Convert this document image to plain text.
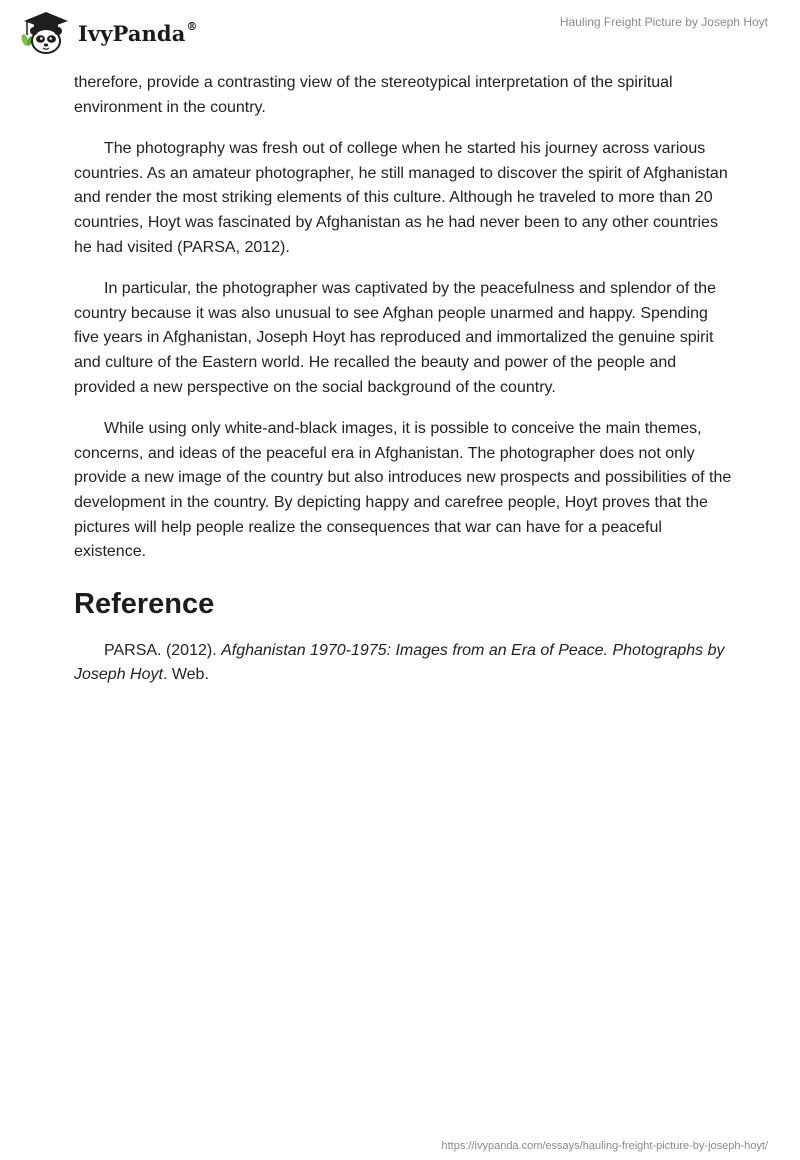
IvyPanda®	Hauling Freight Picture by Joseph Hoyt

therefore, provide a contrasting view of the stereotypical interpretation of the spiritual environment in the country.

The photography was fresh out of college when he started his journey across various countries. As an amateur photographer, he still managed to discover the spirit of Afghanistan and render the most striking elements of this culture. Although he traveled to more than 20 countries, Hoyt was fascinated by Afghanistan as he had never been to any other countries he had visited (PARSA, 2012).

In particular, the photographer was captivated by the peacefulness and splendor of the country because it was also unusual to see Afghan people unarmed and happy. Spending five years in Afghanistan, Joseph Hoyt has reproduced and immortalized the genuine spirit and culture of the Eastern world. He recalled the beauty and power of the people and provided a new perspective on the social background of the country.

While using only white-and-black images, it is possible to conceive the main themes, concerns, and ideas of the peaceful era in Afghanistan. The photographer does not only provide a new image of the country but also introduces new prospects and possibilities of the development in the country. By depicting happy and carefree people, Hoyt proves that the pictures will help people realize the consequences that war can have for a peaceful existence.

Reference

PARSA. (2012). Afghanistan 1970-1975: Images from an Era of Peace. Photographs by Joseph Hoyt. Web.

https://ivypanda.com/essays/hauling-freight-picture-by-joseph-hoyt/
